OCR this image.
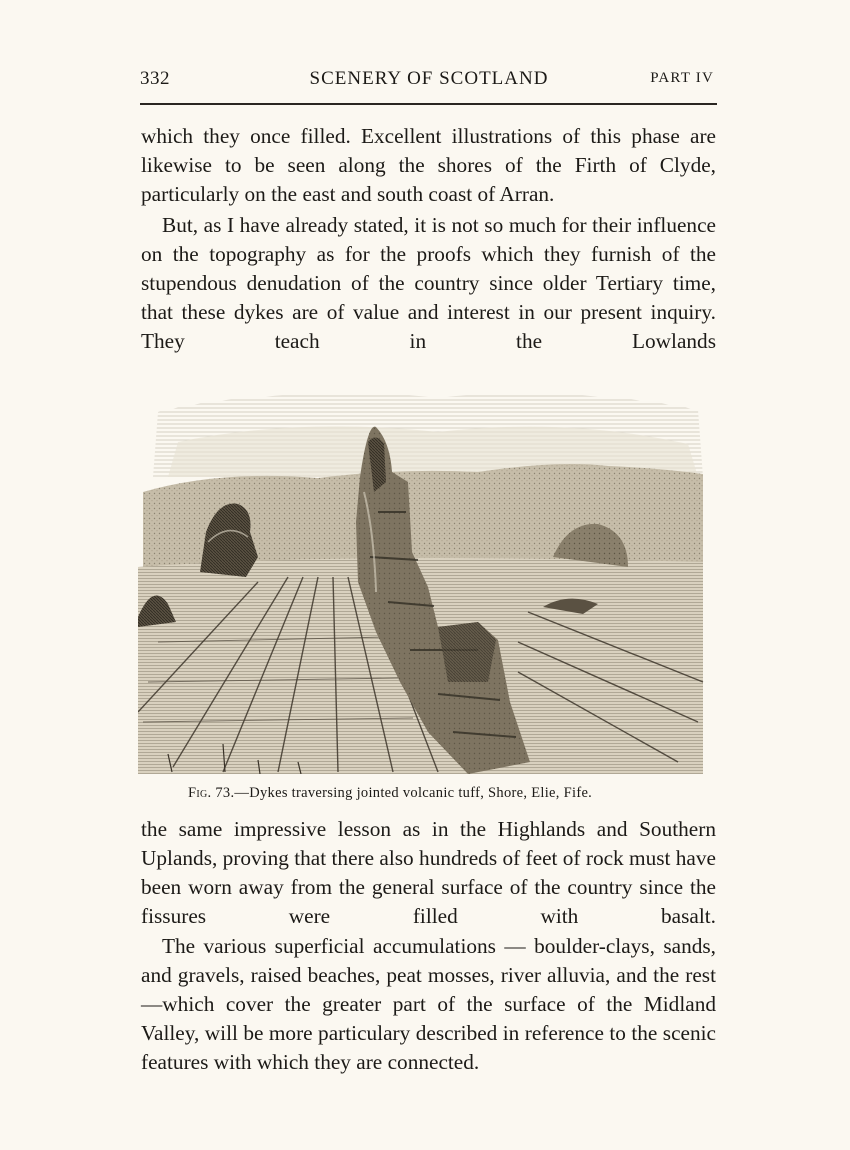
332	SCENERY OF SCOTLAND	PART IV

which they once filled. Excellent illustrations of this phase are likewise to be seen along the shores of the Firth of Clyde, particularly on the east and south coast of Arran.

But, as I have already stated, it is not so much for their influence on the topography as for the proofs which they furnish of the stupendous denudation of the country since older Tertiary time, that these dykes are of value and interest in our present inquiry. They teach in the Lowlands

Fig. 73.—Dykes traversing jointed volcanic tuff, Shore, Elie, Fife.

the same impressive lesson as in the Highlands and Southern Uplands, proving that there also hundreds of feet of rock must have been worn away from the general surface of the country since the fissures were filled with basalt.

The various superficial accumulations — boulder-clays, sands, and gravels, raised beaches, peat mosses, river alluvia, and the rest—which cover the greater part of the surface of the Midland Valley, will be more particulary described in reference to the scenic features with which they are connected.
